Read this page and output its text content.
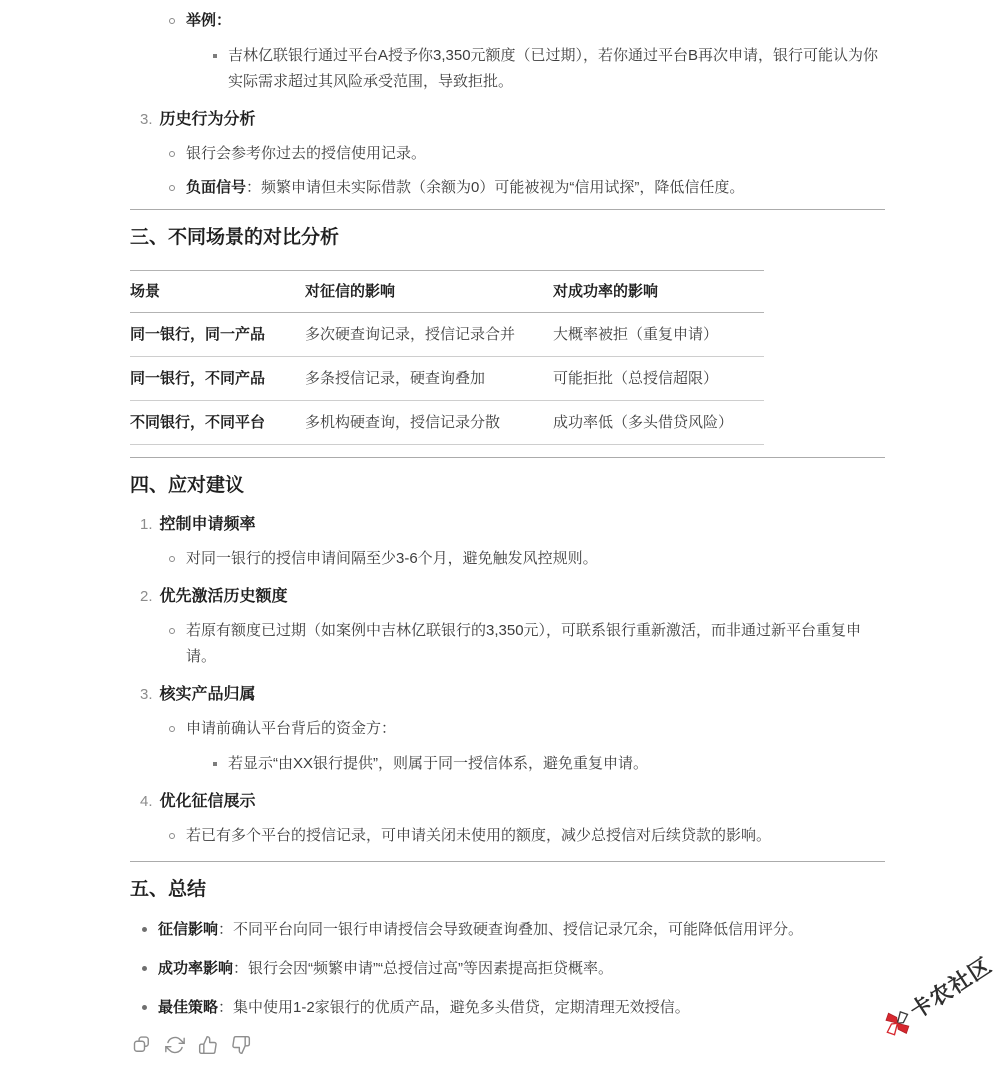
举例：
吉林亿联银行通过平台A授予你3,350元额度（已过期），若你通过平台B再次申请，银行可能认为你实际需求超过其风险承受范围，导致拒批。
3. 历史行为分析
银行会参考你过去的授信使用记录。
负面信号：频繁申请但未实际借款（余额为0）可能被视为“信用试探”，降低信任度。
三、不同场景的对比分析
场景	对征信的影响	对成功率的影响
同一银行，同一产品	多次硬查询记录，授信记录合并	大概率被拒（重复申请）
同一银行，不同产品	多条授信记录，硬查询叠加	可能拒批（总授信超限）
不同银行，不同平台	多机构硬查询，授信记录分散	成功率低（多头借贷风险）
四、应对建议
1. 控制申请频率
对同一银行的授信申请间隔至少3-6个月，避免触发风控规则。
2. 优先激活历史额度
若原有额度已过期（如案例中吉林亿联银行的3,350元），可联系银行重新激活，而非通过新平台重复申请。
3. 核实产品归属
申请前确认平台背后的资金方：
若显示“由XX银行提供”，则属于同一授信体系，避免重复申请。
4. 优化征信展示
若已有多个平台的授信记录，可申请关闭未使用的额度，减少总授信对后续贷款的影响。
五、总结
征信影响：不同平台向同一银行申请授信会导致硬查询叠加、授信记录冗余，可能降低信用评分。
成功率影响：银行会因“频繁申请”“总授信过高”等因素提高拒贷概率。
最佳策略：集中使用1-2家银行的优质产品，避免多头借贷，定期清理无效授信。	卡农社区
